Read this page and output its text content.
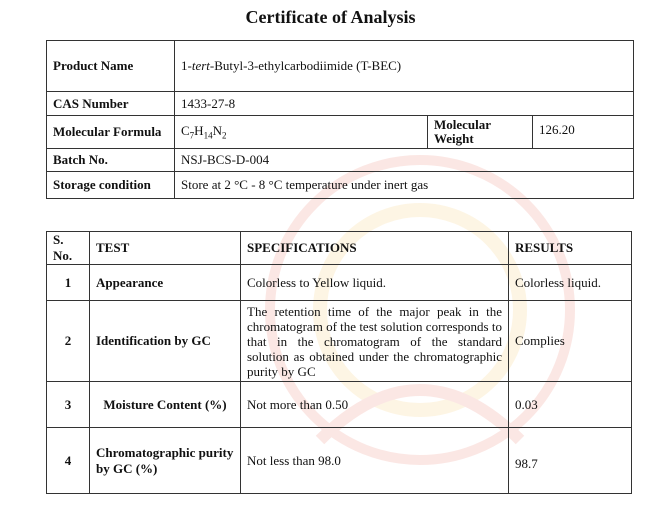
Certificate of Analysis
Product Name	1-tert-Butyl-3-ethylcarbodiimide (T-BEC)		
CAS Number	1433-27-8		
Molecular Formula	$C_7H_{14}N_2$	Molecular Weight	126.20
Batch No.	NSJ-BCS-D-004		
Storage condition	Store at 2 °C - 8 °C temperature under inert gas		
S. No.	TEST	SPECIFICATIONS	RESULTS
1	Appearance	Colorless to Yellow liquid.	Colorless liquid.
2	Identification by GC	The retention time of the major peak in the chromatogram of the test solution corresponds to that in the chromatogram of the standard solution as obtained under the chromatographic purity by GC	Complies
3	Moisture Content (%)	Not more than 0.50	0.03
4	Chromatographic purity by GC (%)	Not less than 98.0	98.7
